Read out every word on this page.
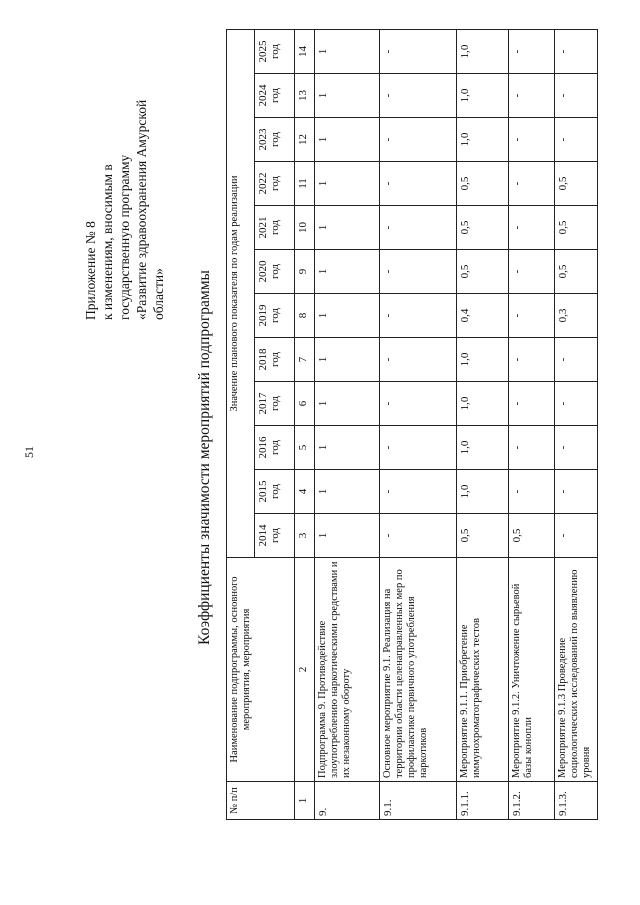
51
Приложение № 8 к изменениям, вносимым в государственную программу «Развитие здравоохранения Амурской области» Коэффициенты значимости мероприятий подпрограммы
№ п/п	Наименование подпрограммы, основного мероприятия, мероприятия	Значение планового показателя по годам реализации											
		2014 год	2015 год	2016 год	2017 год	2018 год	2019 год	2020 год	2021 год	2022 год	2023 год	2024 год	2025 год
1	2	3	4	5	6	7	8	9	10	11	12	13	14
9.	Подпрограмма 9. Противодействие злоупотреблению наркотическими средствами и их незаконному обороту	1	1	1	1	1	1	1	1	1	1	1	1
9.1.	Основное мероприятие 9.1. Реализация на территории области целенаправленных мер по профилактике первичного употребления наркотиков	-	-	-	-	-	-	-	-	-	-	-	-
9.1.1.	Мероприятие 9.1.1. Приобретение иммунохроматографических тестов	0,5	1,0	1,0	1,0	1,0	0,4	0,5	0,5	0,5	1,0	1,0	1,0
9.1.2.	Мероприятие 9.1.2. Уничтожение сырьевой базы конопли	0,5	-	-	-	-	-	-	-	-	-	-	-
9.1.3.	Мероприятие 9.1.3 Проведение социологических исследований по выявлению уровня	-	-	-	-	-	0,3	0,5	0,5	0,5	-	-	-
